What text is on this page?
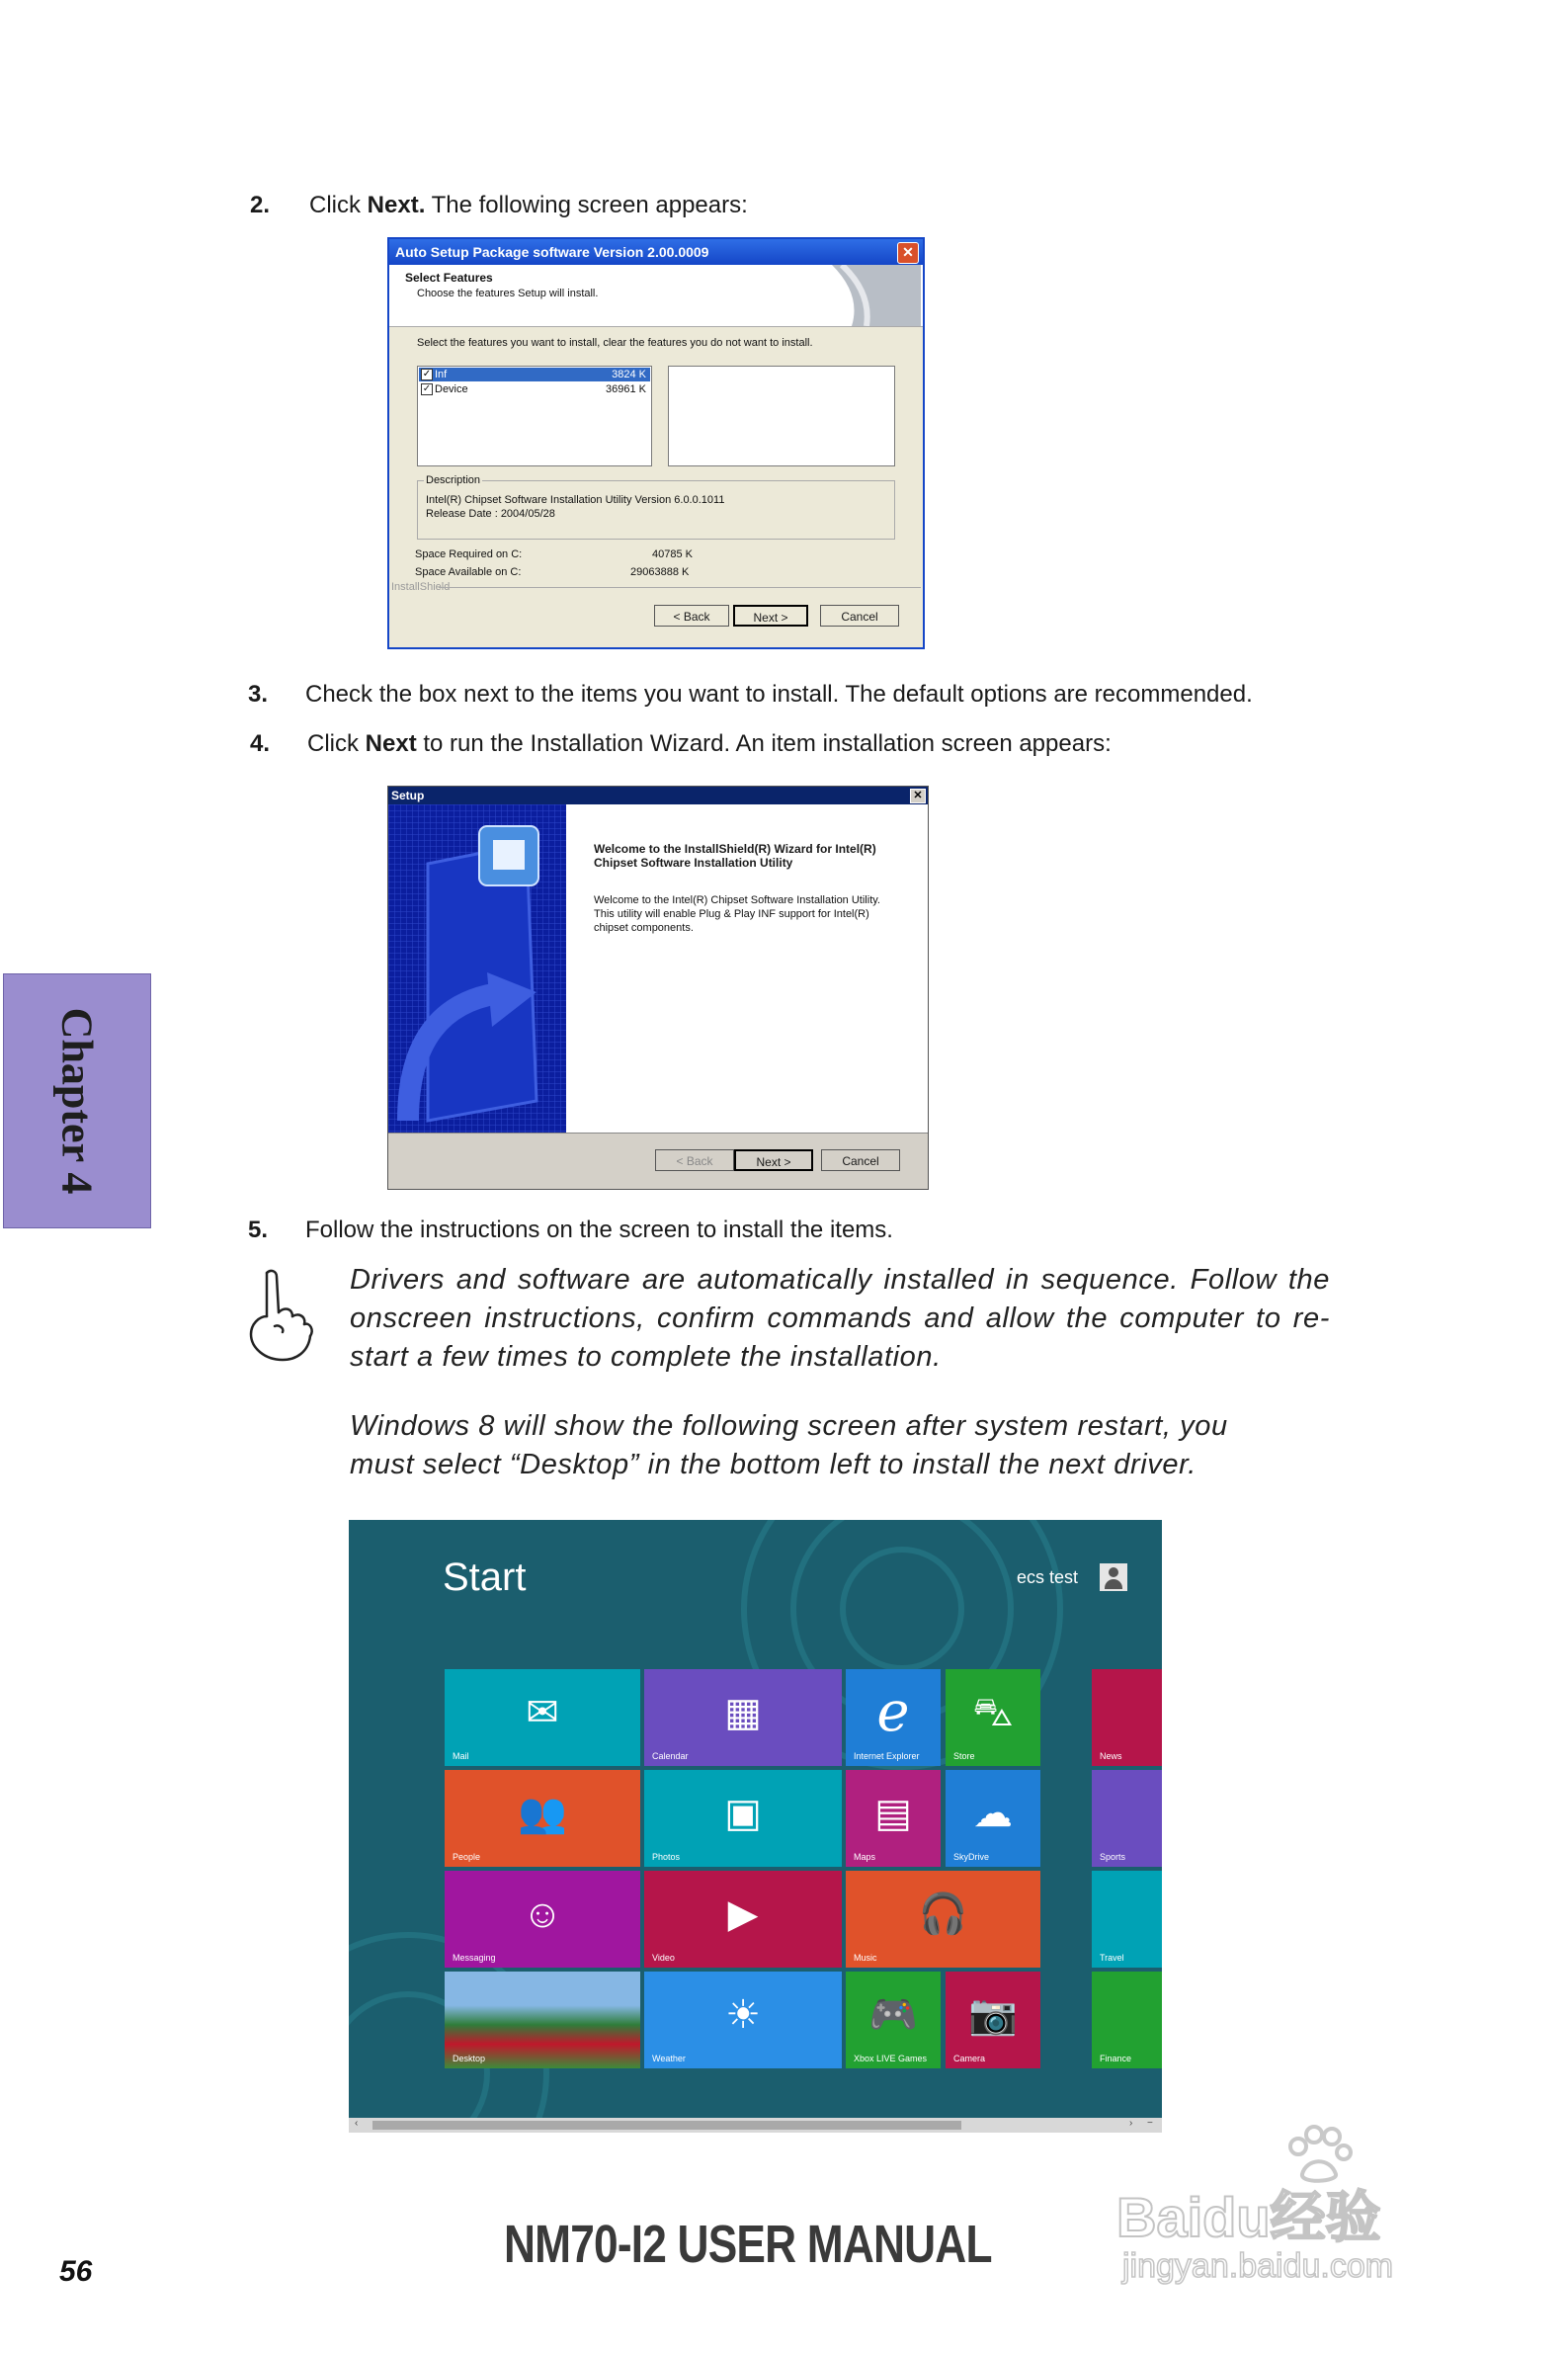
2. Click Next. The following screen appears:
Auto Setup Package software Version 2.00.0009	✕
Select Features
Choose the features Setup will install.
Select the features you want to install, clear the features you do not want to install.
✓ Inf	3824 K
✓ Device	36961 K
Description
Intel(R) Chipset Software Installation Utility Version 6.0.0.1011
Release Date : 2004/05/28
Space Required on C:	40785 K
Space Available on C:	29063888 K
InstallShield
< Back	Next >	Cancel
3. Check the box next to the items you want to install. The default options are recommended.
4. Click Next to run the Installation Wizard. An item installation screen appears:
Setup	✕
Welcome to the InstallShield(R) Wizard for Intel(R) Chipset Software Installation Utility
Welcome to the Intel(R) Chipset Software Installation Utility. This utility will enable Plug & Play INF support for Intel(R) chipset components.
< Back	Next >	Cancel
Chapter 4
5. Follow the instructions on the screen to install the items.
Drivers and software are automatically installed in sequence. Follow the onscreen instructions, confirm commands and allow the computer to re-start a few times to complete the installation.
Windows 8 will show the following screen after system restart, you must select “Desktop” in the bottom left to install the next driver.
Start	ecs test
✉
Mail
▦
Calendar
e
Internet Explorer
⛍
Store	News
👥
People
▣
Photos
▤
Maps
☁
SkyDrive	Sports
☺
Messaging
▶
Video
🎧
Music	Travel
Desktop
☀
Weather
🎮
Xbox LIVE Games
📷
Camera	Finance
‹	› −
56	NM70-I2 USER MANUAL Baidu经验
jingyan.baidu.com
